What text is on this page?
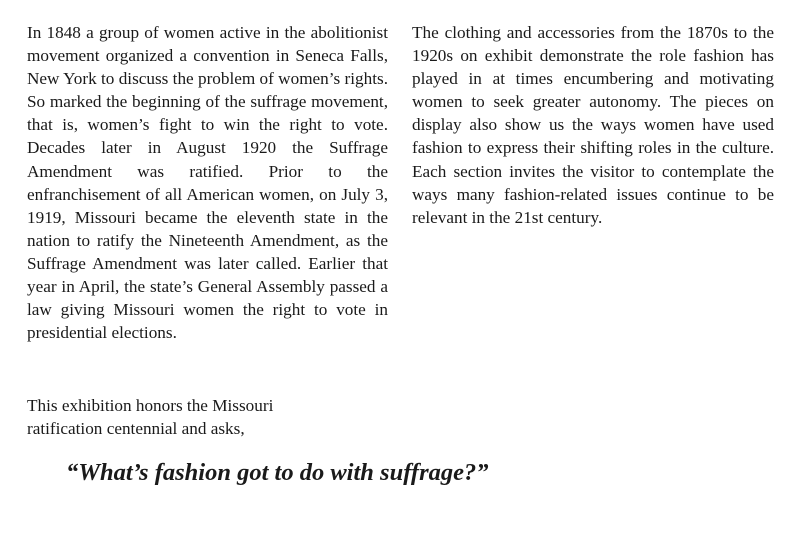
In 1848 a group of women active in the abolitionist movement organized a convention in Seneca Falls, New York to discuss the problem of women’s rights. So marked the beginning of the suffrage movement, that is, women’s fight to win the right to vote. Decades later in August 1920 the Suffrage Amendment was ratified. Prior to the enfranchisement of all American women, on July 3, 1919, Missouri became the eleventh state in the nation to ratify the Nineteenth Amendment, as the Suffrage Amendment was later called. Earlier that year in April, the state’s General Assembly passed a law giving Missouri women the right to vote in presidential elections.

The clothing and accessories from the 1870s to the 1920s on exhibit demonstrate the role fashion has played in at times encumbering and motivating women to seek greater autonomy. The pieces on display also show us the ways women have used fashion to express their shifting roles in the culture. Each section invites the visitor to contemplate the ways many fashion-related issues continue to be relevant in the 21st century.

This exhibition honors the Missouri ratification centennial and asks,

“What’s fashion got to do with suffrage?”
